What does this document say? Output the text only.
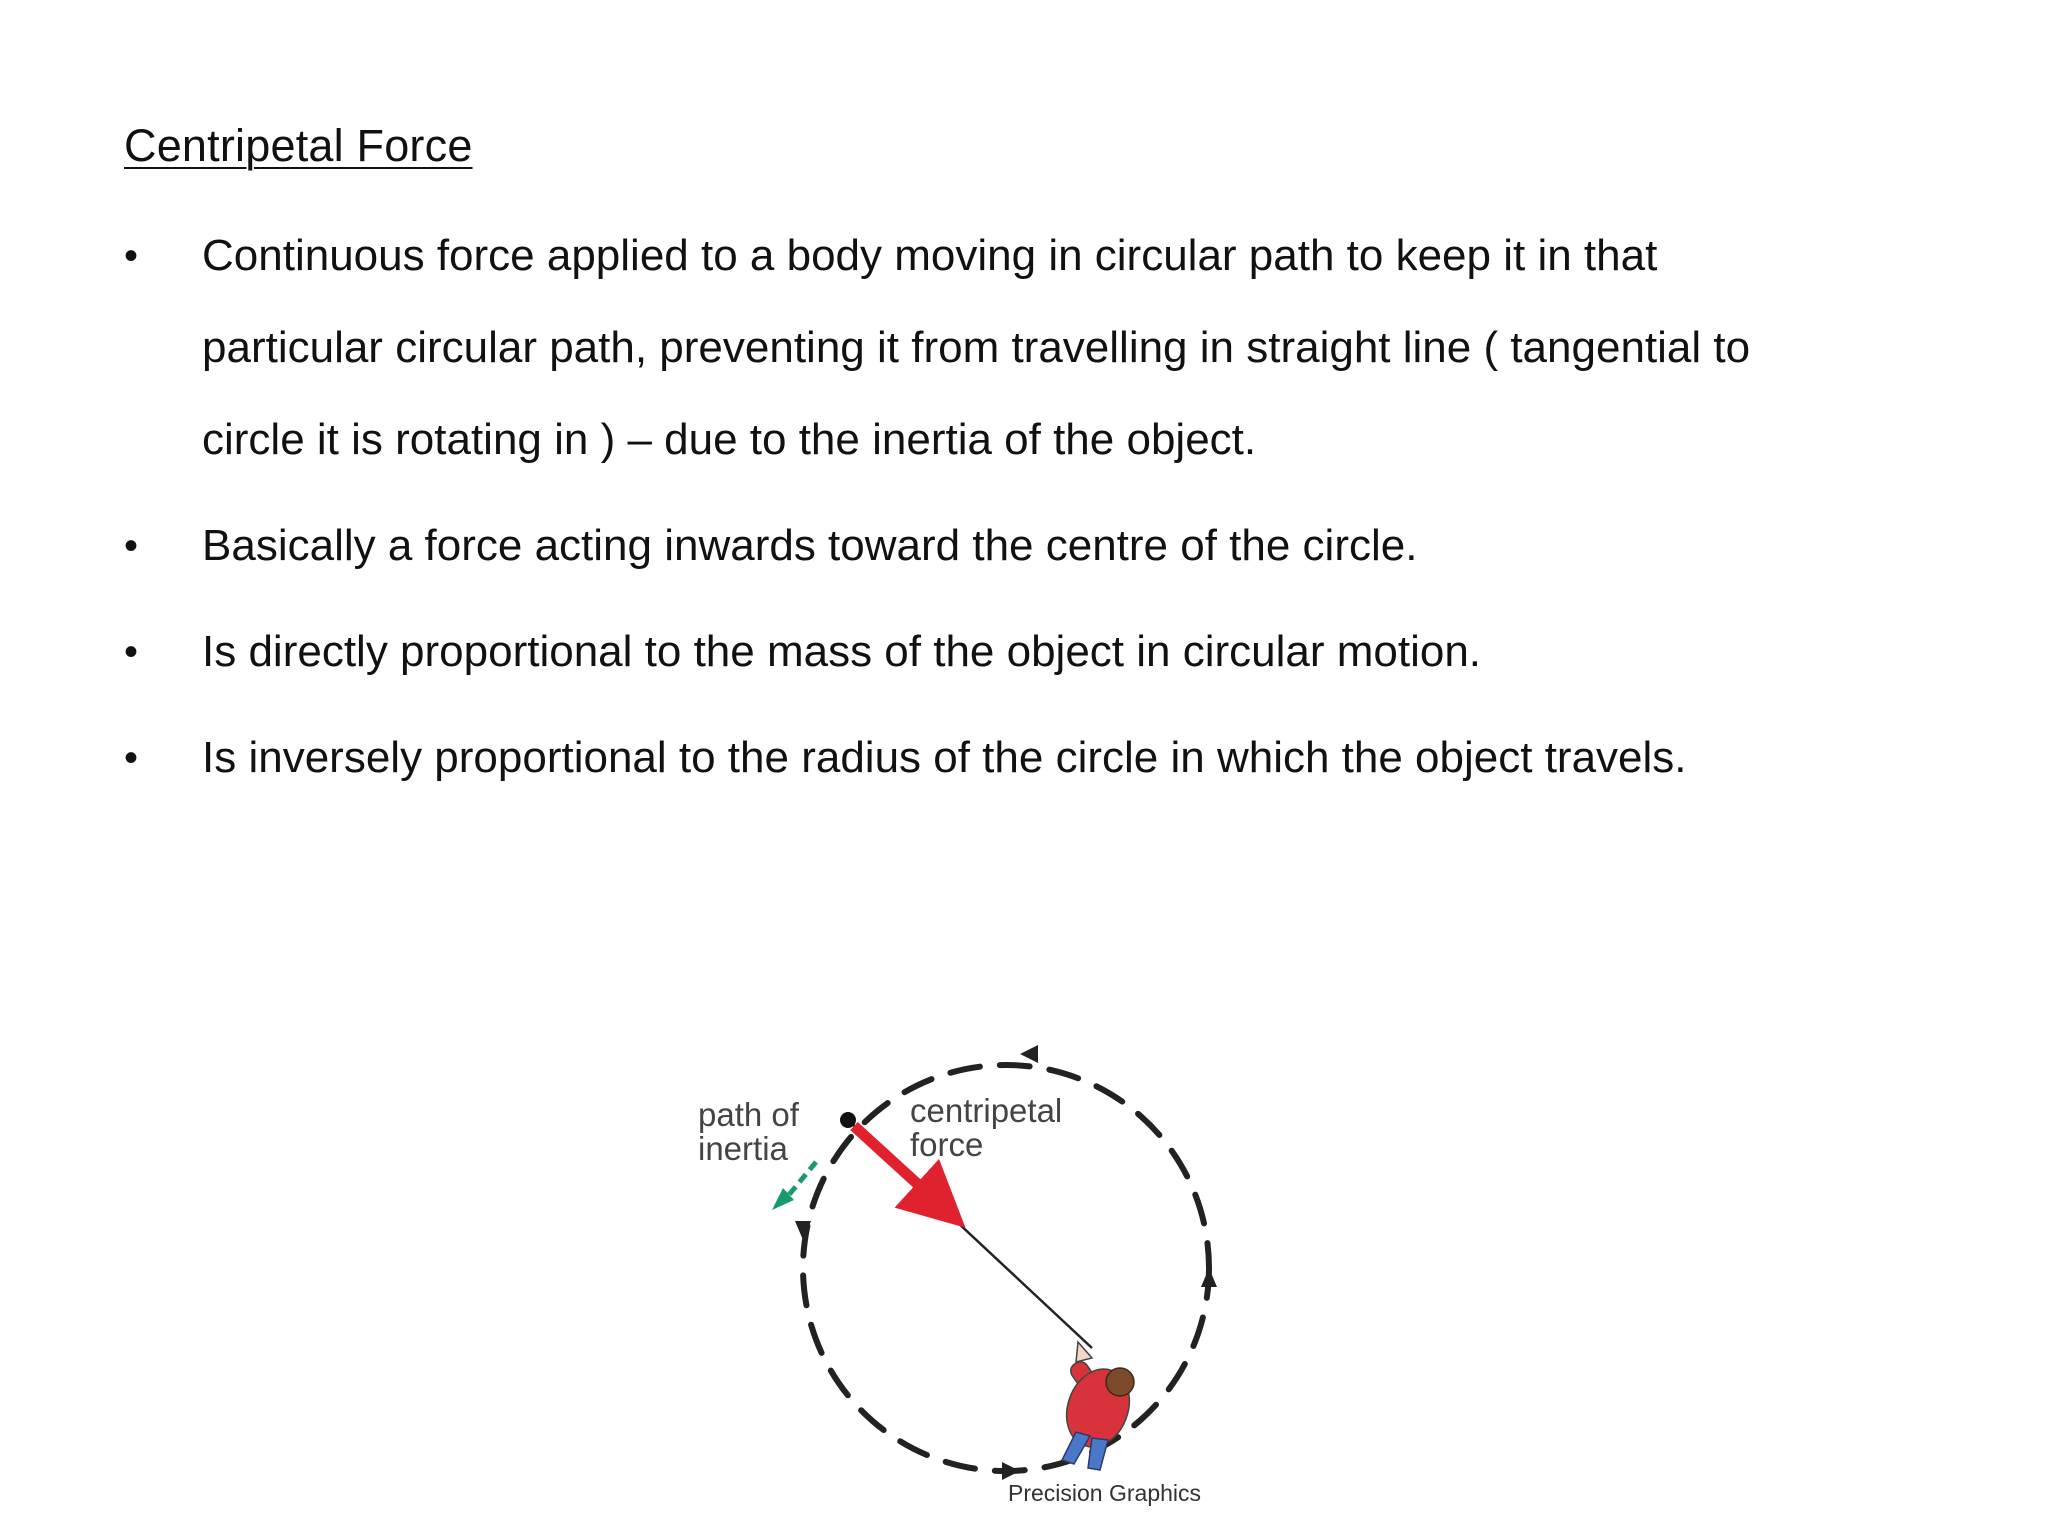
Centripetal Force
•	Continuous force applied to a body moving in circular path to keep it in that particular circular path, preventing it from travelling in straight line ( tangential to circle it is rotating in ) – due to the inertia of the object.
•	Basically a force acting inwards toward the centre of the circle.
•	Is directly proportional to the mass of the object in circular motion.
•	Is inversely proportional to the radius of the circle in which the object travels.
path of
inertia
centripetal
force
Precision Graphics
